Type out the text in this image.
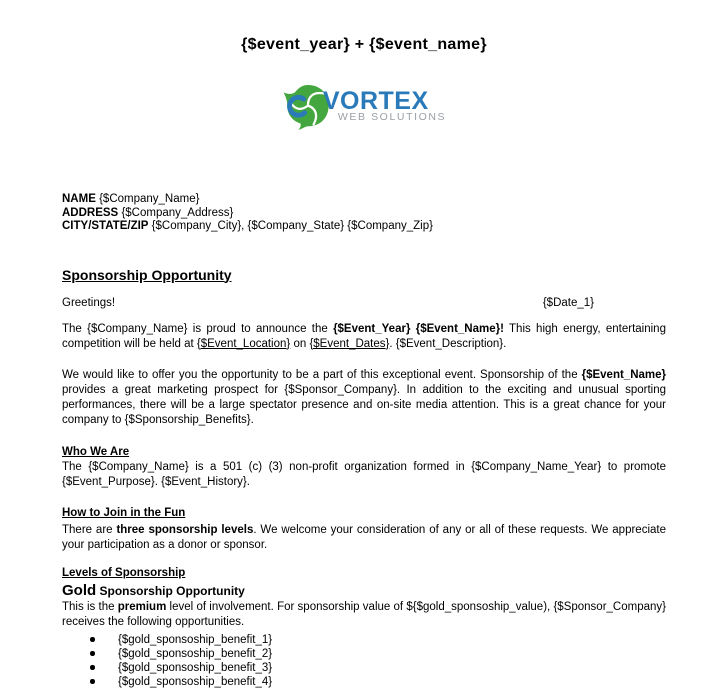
{$event_year} + {$event_name}
VORTEX
WEB SOLUTIONS
NAME {$Company_Name}
ADDRESS {$Company_Address}
CITY/STATE/ZIP {$Company_City}, {$Company_State} {$Company_Zip}
Sponsorship Opportunity
Greetings!	{$Date_1}

The {$Company_Name} is proud to announce the {$Event_Year} {$Event_Name}! This high energy, entertaining competition will be held at {$Event_Location} on {$Event_Dates}. {$Event_Description}.

We would like to offer you the opportunity to be a part of this exceptional event. Sponsorship of the {$Event_Name} provides a great marketing prospect for {$Sponsor_Company}. In addition to the exciting and unusual sporting performances, there will be a large spectator presence and on-site media attention. This is a great chance for your company to {$Sponsorship_Benefits}.

Who We Are

The {$Company_Name} is a 501 (c) (3) non-profit organization formed in {$Company_Name_Year} to promote {$Event_Purpose}. {$Event_History}.

How to Join in the Fun

There are three sponsorship levels. We welcome your consideration of any or all of these requests. We appreciate your participation as a donor or sponsor.

Levels of Sponsorship
Gold Sponsorship Opportunity

This is the premium level of involvement. For sponsorship value of ${$gold_sponsoship_value), {$Sponsor_Company} receives the following opportunities.

{$gold_sponsoship_benefit_1}
{$gold_sponsoship_benefit_2}
{$gold_sponsoship_benefit_3}
{$gold_sponsoship_benefit_4}
